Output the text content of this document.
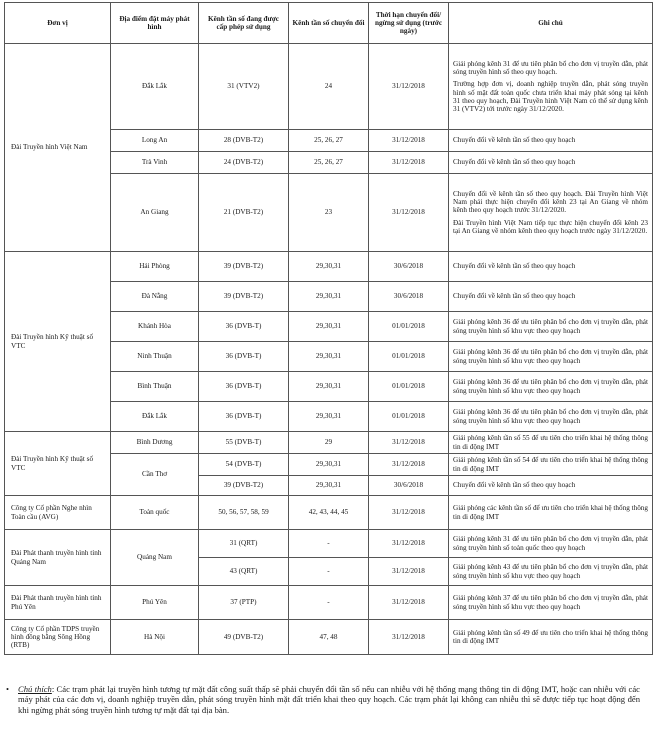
Đơn vị	Địa điểm đặt máy phát hình	Kênh tần số đang được cấp phép sử dụng	Kênh tần số chuyển đổi	Thời hạn chuyển đổi/ ngừng sử dụng (trước ngày)	Ghi chú
Đài Truyền hình Việt Nam	Đắk Lắk	31 (VTV2)	24	31/12/2018	Giải phóng kênh 31 để ưu tiên phân bổ cho đơn vị truyền dẫn, phát sóng truyền hình số theo quy hoạch.

Trường hợp đơn vị, doanh nghiệp truyền dẫn, phát sóng truyền hình số mặt đất toàn quốc chưa triển khai máy phát sóng tại kênh 31 theo quy hoạch, Đài Truyền hình Việt Nam có thể sử dụng kênh 31 (VTV2) tới trước ngày 31/12/2020.

	Long An	28 (DVB-T2)	25, 26, 27	31/12/2018	Chuyển đổi về kênh tần số theo quy hoạch

	Trà Vinh	24 (DVB-T2)	25, 26, 27	31/12/2018	Chuyển đổi về kênh tần số theo quy hoạch

	An Giang	21 (DVB-T2)	23	31/12/2018	Chuyển đổi về kênh tần số theo quy hoạch. Đài Truyền hình Việt Nam phải thực hiện chuyển đổi kênh 23 tại An Giang về nhóm kênh theo quy hoạch trước 31/12/2020.

Đài Truyền hình Việt Nam tiếp tục thực hiện chuyển đổi kênh 23 tại An Giang về nhóm kênh theo quy hoạch trước ngày 31/12/2020.

Đài Truyền hình Kỹ thuật số VTC	Hải Phòng	39 (DVB-T2)	29,30,31	30/6/2018	Chuyển đổi về kênh tần số theo quy hoạch

	Đà Nẵng	39 (DVB-T2)	29,30,31	30/6/2018	Chuyển đổi về kênh tần số theo quy hoạch

	Khánh Hòa	36 (DVB-T)	29,30,31	01/01/2018	Giải phóng kênh 36 để ưu tiên phân bổ cho đơn vị truyền dẫn, phát sóng truyền hình số khu vực theo quy hoạch

	Ninh Thuận	36 (DVB-T)	29,30,31	01/01/2018	Giải phóng kênh 36 để ưu tiên phân bổ cho đơn vị truyền dẫn, phát sóng truyền hình số khu vực theo quy hoạch

	Bình Thuận	36 (DVB-T)	29,30,31	01/01/2018	Giải phóng kênh 36 để ưu tiên phân bổ cho đơn vị truyền dẫn, phát sóng truyền hình số khu vực theo quy hoạch

	Đắk Lắk	36 (DVB-T)	29,30,31	01/01/2018	Giải phóng kênh 36 để ưu tiên phân bổ cho đơn vị truyền dẫn, phát sóng truyền hình số khu vực theo quy hoạch

Đài Truyền hình Kỹ thuật số VTC	Bình Dương	55 (DVB-T)	29	31/12/2018	Giải phóng kênh tần số 55 để ưu tiên cho triển khai hệ thống thông tin di động IMT

	Cần Thơ	54 (DVB-T)	29,30,31	31/12/2018	Giải phóng kênh tần số 54 để ưu tiên cho triển khai hệ thống thông tin di động IMT

		39 (DVB-T2)	29,30,31	30/6/2018	Chuyển đổi về kênh tần số theo quy hoạch

Công ty Cổ phần Nghe nhìn Toàn cầu (AVG)	Toàn quốc	50, 56, 57, 58, 59	42, 43, 44, 45	31/12/2018	Giải phóng các kênh tần số để ưu tiên cho triển khai hệ thống thông tin di động IMT

Đài Phát thanh truyền hình tỉnh Quảng Nam	Quảng Nam	31 (QRT)	-	31/12/2018	Giải phóng kênh 31 để ưu tiên phân bổ cho đơn vị truyền dẫn, phát sóng truyền hình số toàn quốc theo quy hoạch

		43 (QRT)	-	31/12/2018	Giải phóng kênh 43 để ưu tiên phân bổ cho đơn vị truyền dẫn, phát sóng truyền hình số khu vực theo quy hoạch

Đài Phát thanh truyền hình tỉnh Phú Yên	Phú Yên	37 (PTP)	-	31/12/2018	Giải phóng kênh 37 để ưu tiên phân bổ cho đơn vị truyền dẫn, phát sóng truyền hình số khu vực theo quy hoạch

Công ty Cổ phần TDPS truyền hình đồng bằng Sông Hồng (RTB)	Hà Nội	49 (DVB-T2)	47, 48	31/12/2018	Giải phóng kênh tần số 49 để ưu tiên cho triển khai hệ thống thông tin di động IMT

• Chú thích: Các trạm phát lại truyền hình tương tự mặt đất công suất thấp sẽ phải chuyển đổi tần số nếu can nhiễu với hệ thống mạng thông tin di động IMT, hoặc can nhiễu với các máy phát của các đơn vị, doanh nghiệp truyền dẫn, phát sóng truyền hình mặt đất triển khai theo quy hoạch. Các trạm phát lại không can nhiễu thì sẽ được tiếp tục hoạt động đến khi ngừng phát sóng truyền hình tương tự mặt đất tại địa bàn.
